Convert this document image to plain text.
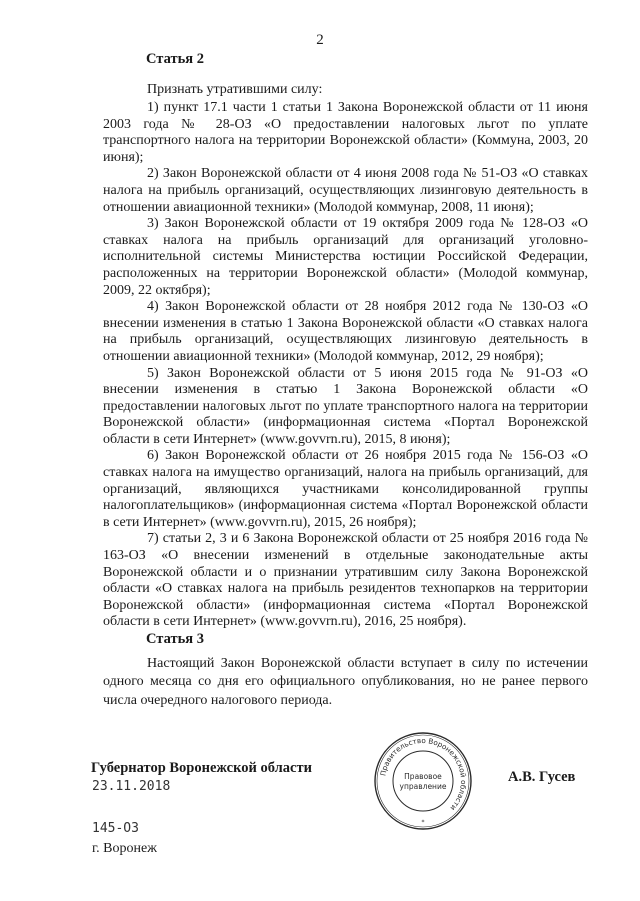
2
Статья 2
Признать утратившими силу:

1) пункт 17.1 части 1 статьи 1 Закона Воронежской области от 11 июня 2003 года № 28-ОЗ «О предоставлении налоговых льгот по уплате транспортного налога на территории Воронежской области» (Коммуна, 2003, 20 июня);

2) Закон Воронежской области от 4 июня 2008 года № 51-ОЗ «О ставках налога на прибыль организаций, осуществляющих лизинговую деятельность в отношении авиационной техники» (Молодой коммунар, 2008, 11 июня);

3) Закон Воронежской области от 19 октября 2009 года № 128-ОЗ «О ставках налога на прибыль организаций для организаций уголовно-исполнительной системы Министерства юстиции Российской Федерации, расположенных на территории Воронежской области» (Молодой коммунар, 2009, 22 октября);

4) Закон Воронежской области от 28 ноября 2012 года № 130-ОЗ «О внесении изменения в статью 1 Закона Воронежской области «О ставках налога на прибыль организаций, осуществляющих лизинговую деятельность в отношении авиационной техники» (Молодой коммунар, 2012, 29 ноября);

5) Закон Воронежской области от 5 июня 2015 года № 91-ОЗ «О внесении изменения в статью 1 Закона Воронежской области «О предоставлении налоговых льгот по уплате транспортного налога на территории Воронежской области» (информационная система «Портал Воронежской области в сети Интернет» (www.govvrn.ru), 2015, 8 июня);

6) Закон Воронежской области от 26 ноября 2015 года № 156-ОЗ «О ставках налога на имущество организаций, налога на прибыль организаций, для организаций, являющихся участниками консолидированной группы налогоплательщиков» (информационная система «Портал Воронежской области в сети Интернет» (www.govvrn.ru), 2015, 26 ноября);

7) статьи 2, 3 и 6 Закона Воронежской области от 25 ноября 2016 года № 163-ОЗ «О внесении изменений в отдельные законодательные акты Воронежской области и о признании утратившим силу Закона Воронежской области «О ставках налога на прибыль резидентов технопарков на территории Воронежской области» (информационная система «Портал Воронежской области в сети Интернет» (www.govvrn.ru), 2016, 25 ноября).

Статья 3

Настоящий Закон Воронежской области вступает в силу по истечении одного месяца со дня его официального опубликования, но не ранее первого числа очередного налогового периода.

Губернатор Воронежской области
23.11.2018
145-ОЗ
г. Воронеж
А.В. Гусев
Правительство Воронежской области
Правовое
управление
*
